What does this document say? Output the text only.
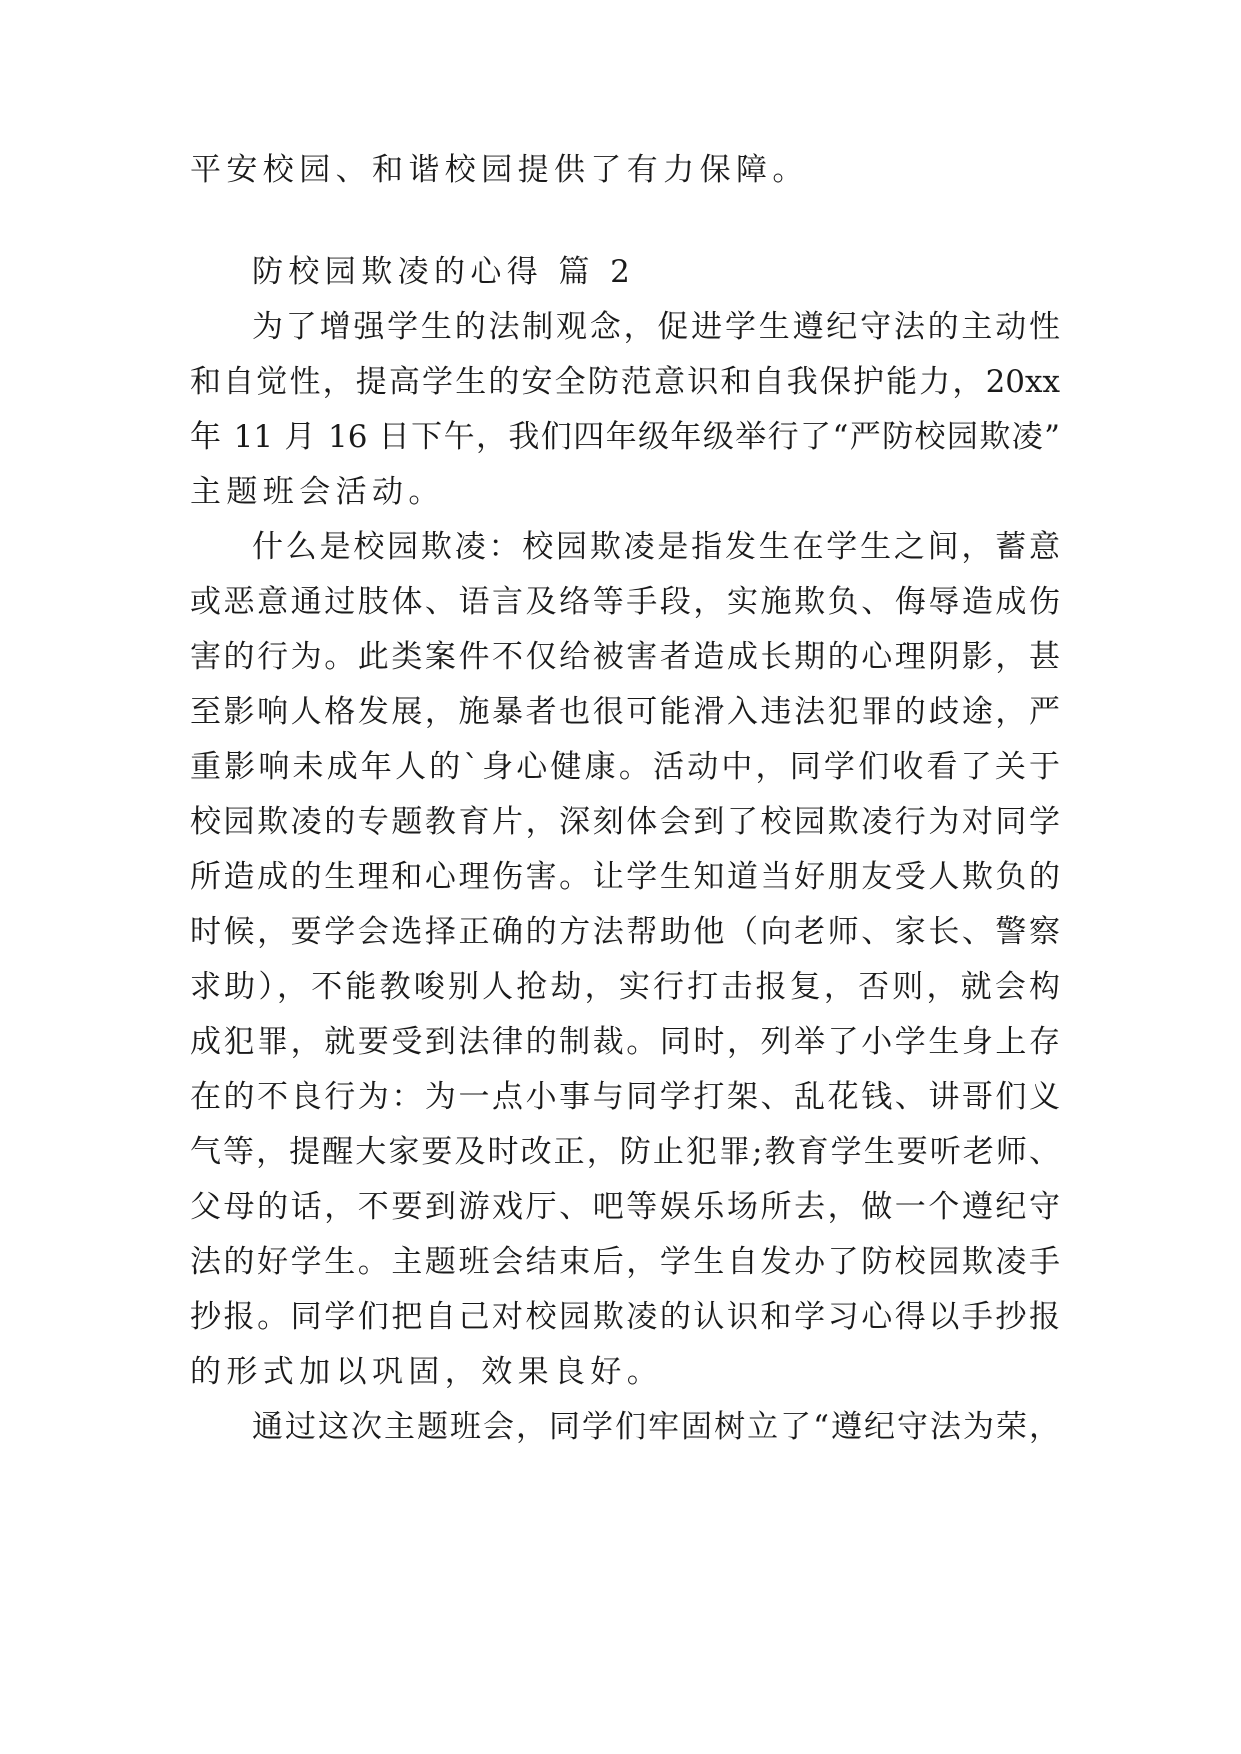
平安校园、和谐校园提供了有力保障。
防校园欺凌的心得 篇 2
为了增强学生的法制观念，促进学生遵纪守法的主动性
和自觉性，提高学生的安全防范意识和自我保护能力，20xx
年 11 月 16 日下午，我们四年级年级举行了“严防校园欺凌”
主题班会活动。
什么是校园欺凌：校园欺凌是指发生在学生之间，蓄意
或恶意通过肢体、语言及络等手段，实施欺负、侮辱造成伤
害的行为。此类案件不仅给被害者造成长期的心理阴影，甚
至影响人格发展，施暴者也很可能滑入违法犯罪的歧途，严
重影响未成年人的`身心健康。活动中，同学们收看了关于
校园欺凌的专题教育片，深刻体会到了校园欺凌行为对同学
所造成的生理和心理伤害。让学生知道当好朋友受人欺负的
时候，要学会选择正确的方法帮助他（向老师、家长、警察
求助），不能教唆别人抢劫，实行打击报复，否则，就会构
成犯罪，就要受到法律的制裁。同时，列举了小学生身上存
在的不良行为：为一点小事与同学打架、乱花钱、讲哥们义
气等，提醒大家要及时改正，防止犯罪;教育学生要听老师、
父母的话，不要到游戏厅、吧等娱乐场所去，做一个遵纪守
法的好学生。主题班会结束后，学生自发办了防校园欺凌手
抄报。同学们把自己对校园欺凌的认识和学习心得以手抄报
的形式加以巩固，效果良好。
通过这次主题班会，同学们牢固树立了“遵纪守法为荣，
